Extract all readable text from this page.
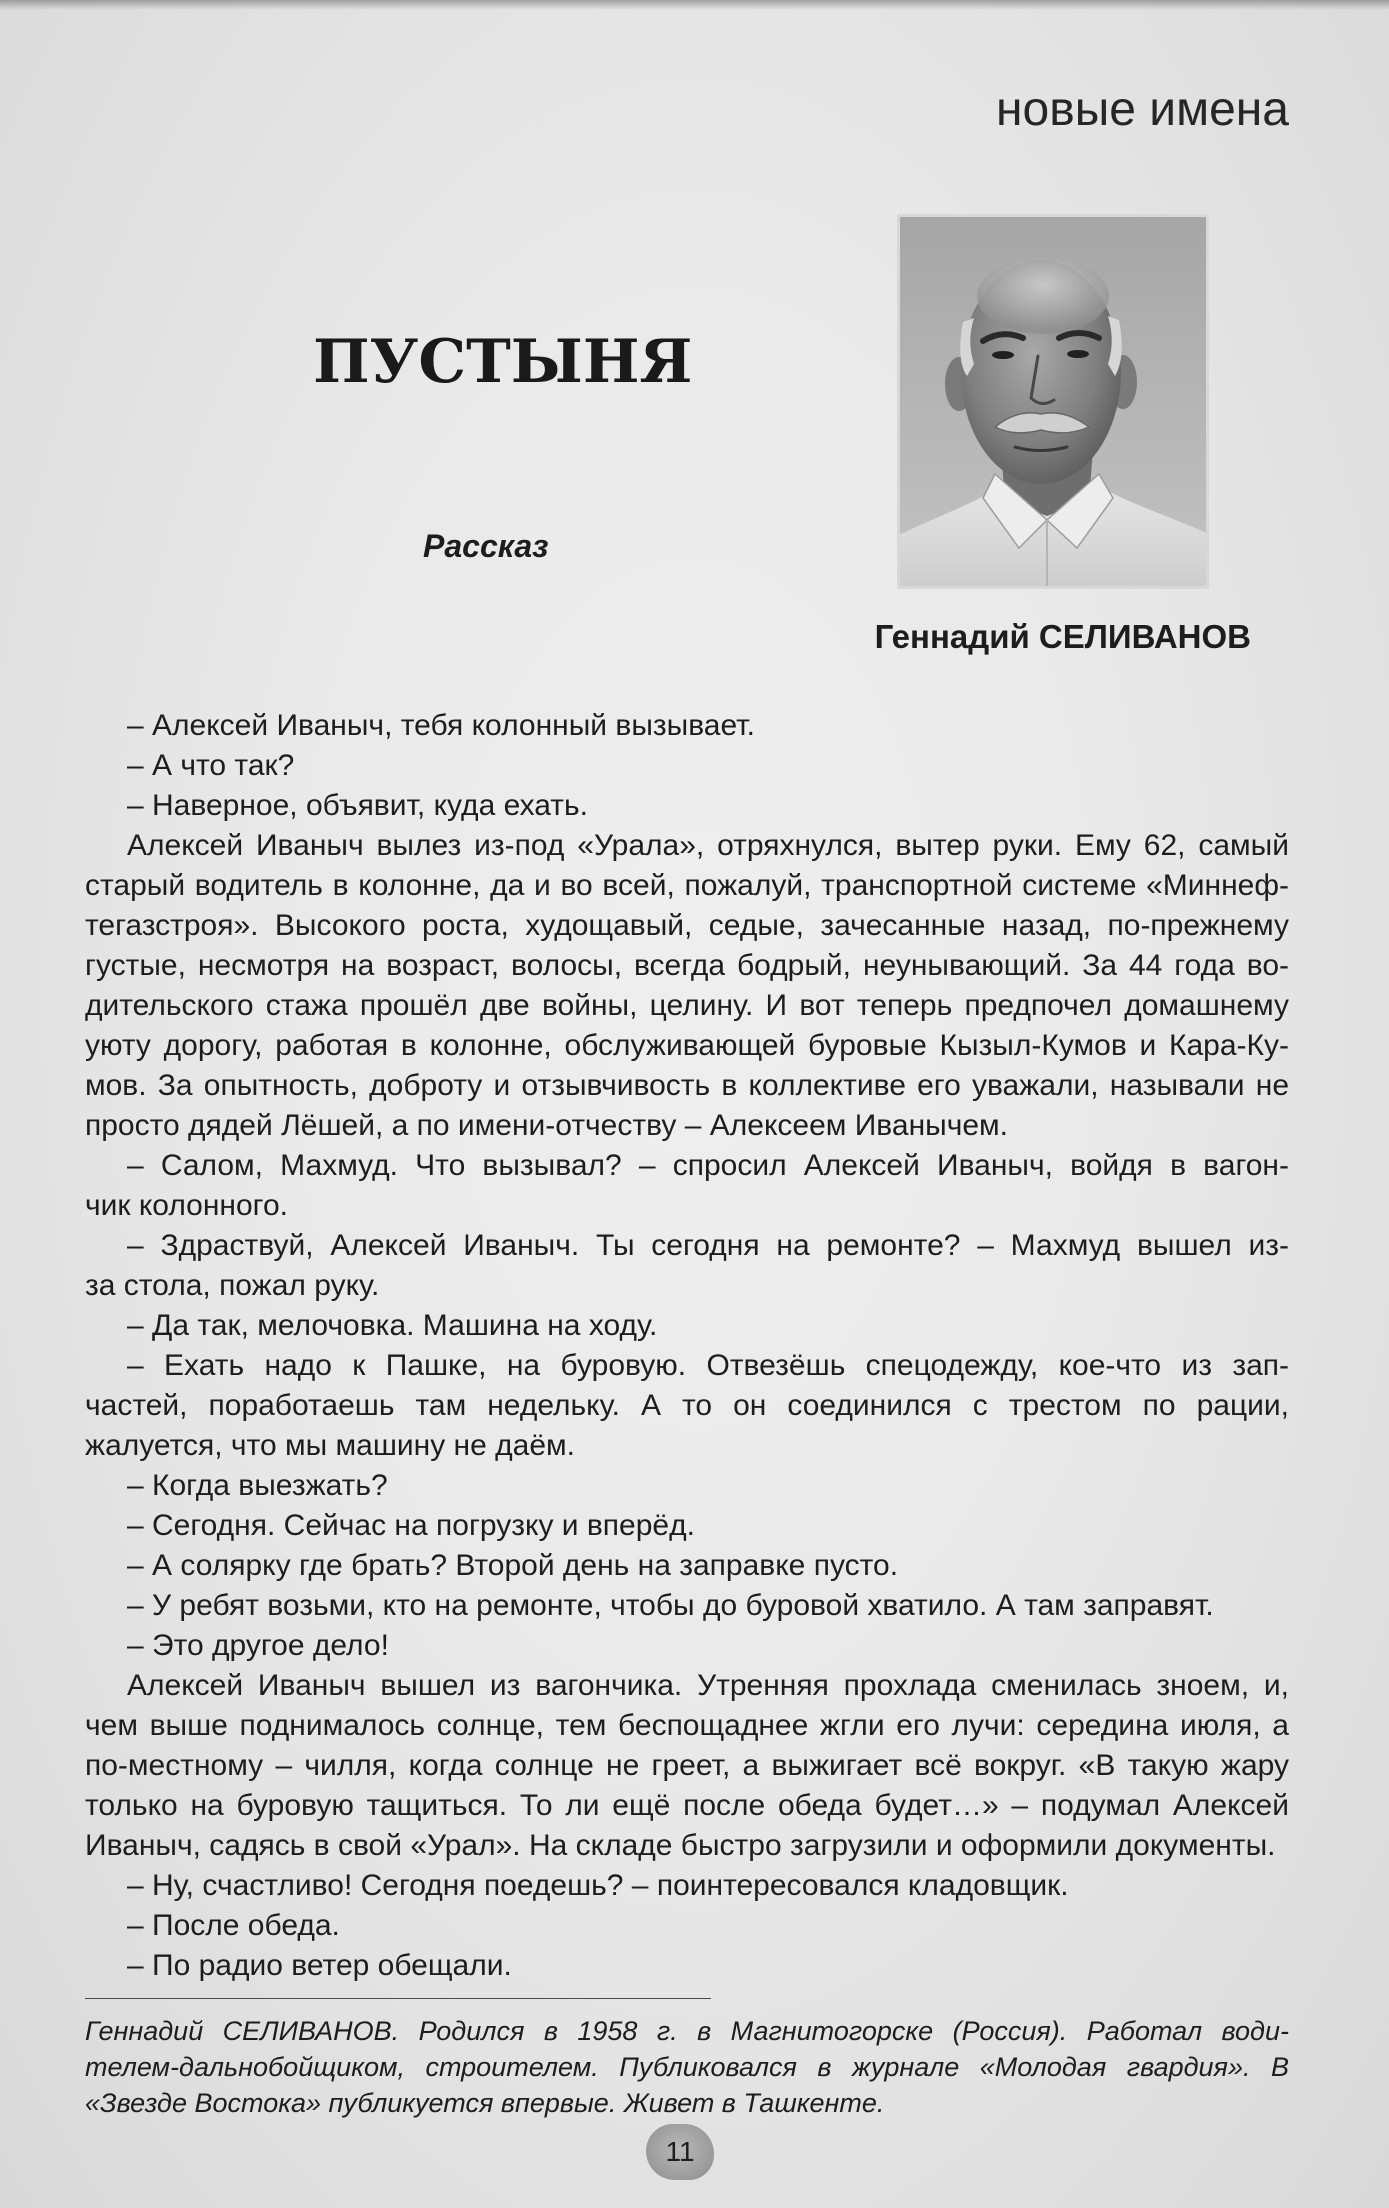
новые имена
ПУСТЫНЯ
Рассказ
Геннадий СЕЛИВАНОВ
– Алексей Иваныч, тебя колонный вызывает.
– А что так?
– Наверное, объявит, куда ехать.
Алексей Иваныч вылез из-под «Урала», отряхнулся, вытер руки. Ему 62, самый
старый водитель в колонне, да и во всей, пожалуй, транспортной системе «Миннеф-
тегазстроя». Высокого роста, худощавый, седые, зачесанные назад, по-прежнему
густые, несмотря на возраст, волосы, всегда бодрый, неунывающий. За 44 года во-
дительского стажа прошёл две войны, целину. И вот теперь предпочел домашнему
уюту дорогу, работая в колонне, обслуживающей буровые Кызыл-Кумов и Кара-Ку-
мов. За опытность, доброту и отзывчивость в коллективе его уважали, называли не
просто дядей Лёшей, а по имени-отчеству – Алексеем Иванычем.
– Салом, Махмуд. Что вызывал? – спросил Алексей Иваныч, войдя в вагон-
чик колонного.
– Здраствуй, Алексей Иваныч. Ты сегодня на ремонте? – Махмуд вышел из-
за стола, пожал руку.
– Да так, мелочовка. Машина на ходу.
– Ехать надо к Пашке, на буровую. Отвезёшь спецодежду, кое-что из зап-
частей, поработаешь там недельку. А то он соединился с трестом по рации,
жалуется, что мы машину не даём.
– Когда выезжать?
– Сегодня. Сейчас на погрузку и вперёд.
– А солярку где брать? Второй день на заправке пусто.
– У ребят возьми, кто на ремонте, чтобы до буровой хватило. А там заправят.
– Это другое дело!
Алексей Иваныч вышел из вагончика. Утренняя прохлада сменилась зноем, и,
чем выше поднималось солнце, тем беспощаднее жгли его лучи: середина июля, а
по-местному – чилля, когда солнце не греет, а выжигает всё вокруг. «В такую жару
только на буровую тащиться. То ли ещё после обеда будет…» – подумал Алексей
Иваныч, садясь в свой «Урал». На складе быстро загрузили и оформили документы.
– Ну, счастливо! Сегодня поедешь? – поинтересовался кладовщик.
– После обеда.
– По радио ветер обещали.
Геннадий СЕЛИВАНОВ. Родился в 1958 г. в Магнитогорске (Россия). Работал води-
телем-дальнобойщиком, строителем. Публиковался в журнале «Молодая гвардия». В
«Звезде Востока» публикуется впервые. Живет в Ташкенте.
11
